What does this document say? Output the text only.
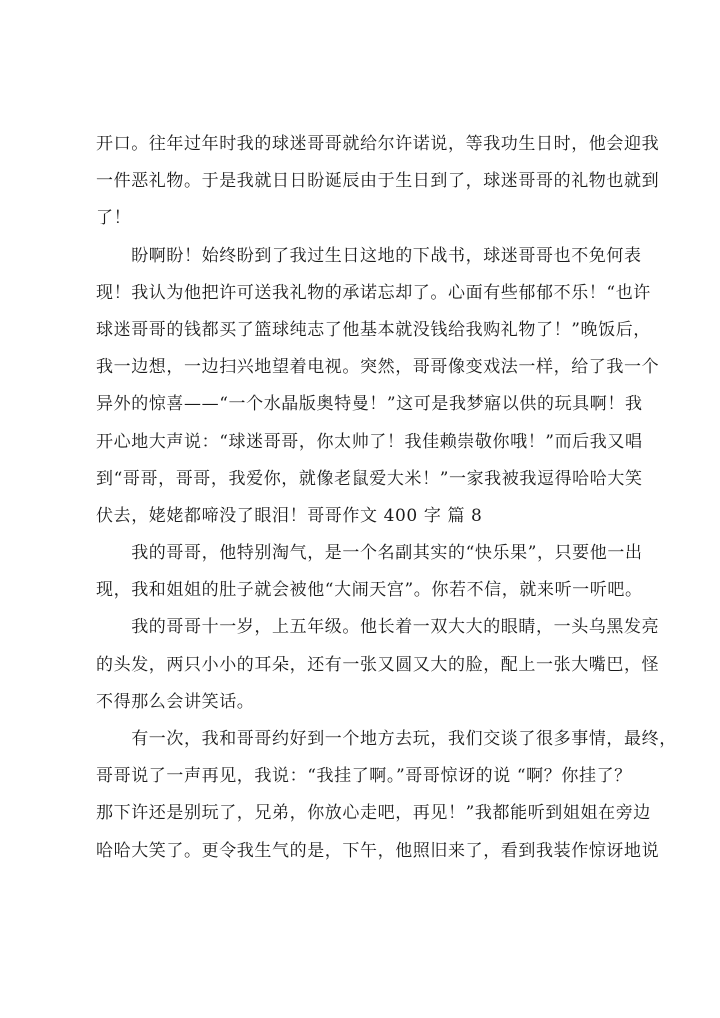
开口。往年过年时我的球迷哥哥就给尔许诺说，等我功生日时，他会迎我
一件恶礼物。于是我就日日盼诞辰由于生日到了，球迷哥哥的礼物也就到
了！
　　盼啊盼！始终盼到了我过生日这地的下战书，球迷哥哥也不免何表
现！我认为他把许可送我礼物的承诺忘却了。心面有些郁郁不乐！“也许
球迷哥哥的钱都买了篮球纯志了他基本就没钱给我购礼物了！”晚饭后，
我一边想，一边扫兴地望着电视。突然，哥哥像变戏法一样，给了我一个
异外的惊喜——“一个水晶版奥特曼！”这可是我梦寤以供的玩具啊！我
开心地大声说：“球迷哥哥，你太帅了！我佳赖崇敬你哦！”而后我又唱
到“哥哥，哥哥，我爱你，就像老鼠爱大米！”一家我被我逗得哈哈大笑
伏去，姥姥都啼没了眼泪！哥哥作文 400 字 篇 8
　　我的哥哥，他特别淘气，是一个名副其实的“快乐果”，只要他一出
现，我和姐姐的肚子就会被他“大闹天宫”。你若不信，就来听一听吧。
　　我的哥哥十一岁，上五年级。他长着一双大大的眼睛，一头乌黑发亮
的头发，两只小小的耳朵，还有一张又圆又大的脸，配上一张大嘴巴，怪
不得那么会讲笑话。
　　有一次，我和哥哥约好到一个地方去玩，我们交谈了很多事情，最终，
哥哥说了一声再见，我说：“我挂了啊。”哥哥惊讶的说 “啊？你挂了？
那下许还是别玩了，兄弟，你放心走吧，再见！”我都能听到姐姐在旁边
哈哈大笑了。更令我生气的是，下午，他照旧来了，看到我装作惊讶地说
